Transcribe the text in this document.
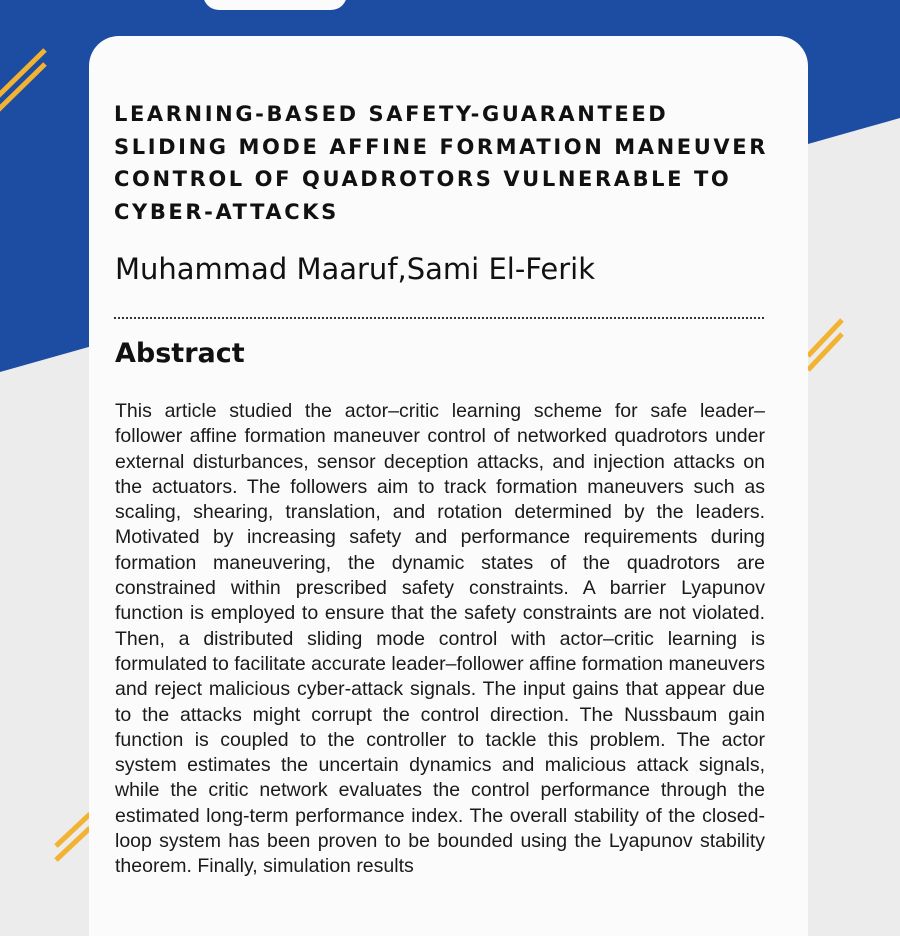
LEARNING-BASED SAFETY-GUARANTEED SLIDING MODE AFFINE FORMATION MANEUVER CONTROL OF QUADROTORS VULNERABLE TO CYBER-ATTACKS

Muhammad Maaruf,Sami El-Ferik

Abstract

This article studied the actor–critic learning scheme for safe leader–follower affine formation maneuver control of networked quadrotors under external disturbances, sensor deception attacks, and injection attacks on the actuators. The followers aim to track formation maneuvers such as scaling, shearing, translation, and rotation determined by the leaders. Motivated by increasing safety and performance requirements during formation maneuvering, the dynamic states of the quadrotors are constrained within prescribed safety constraints. A barrier Lyapunov function is employed to ensure that the safety constraints are not violated. Then, a distributed sliding mode control with actor–critic learning is formulated to facilitate accurate leader–follower affine formation maneuvers and reject malicious cyber-attack signals. The input gains that appear due to the attacks might corrupt the control direction. The Nussbaum gain function is coupled to the controller to tackle this problem. The actor system estimates the uncertain dynamics and malicious attack signals, while the critic network evaluates the control performance through the estimated long-term performance index. The overall stability of the closed-loop system has been proven to be bounded using the Lyapunov stability theorem. Finally, simulation results
